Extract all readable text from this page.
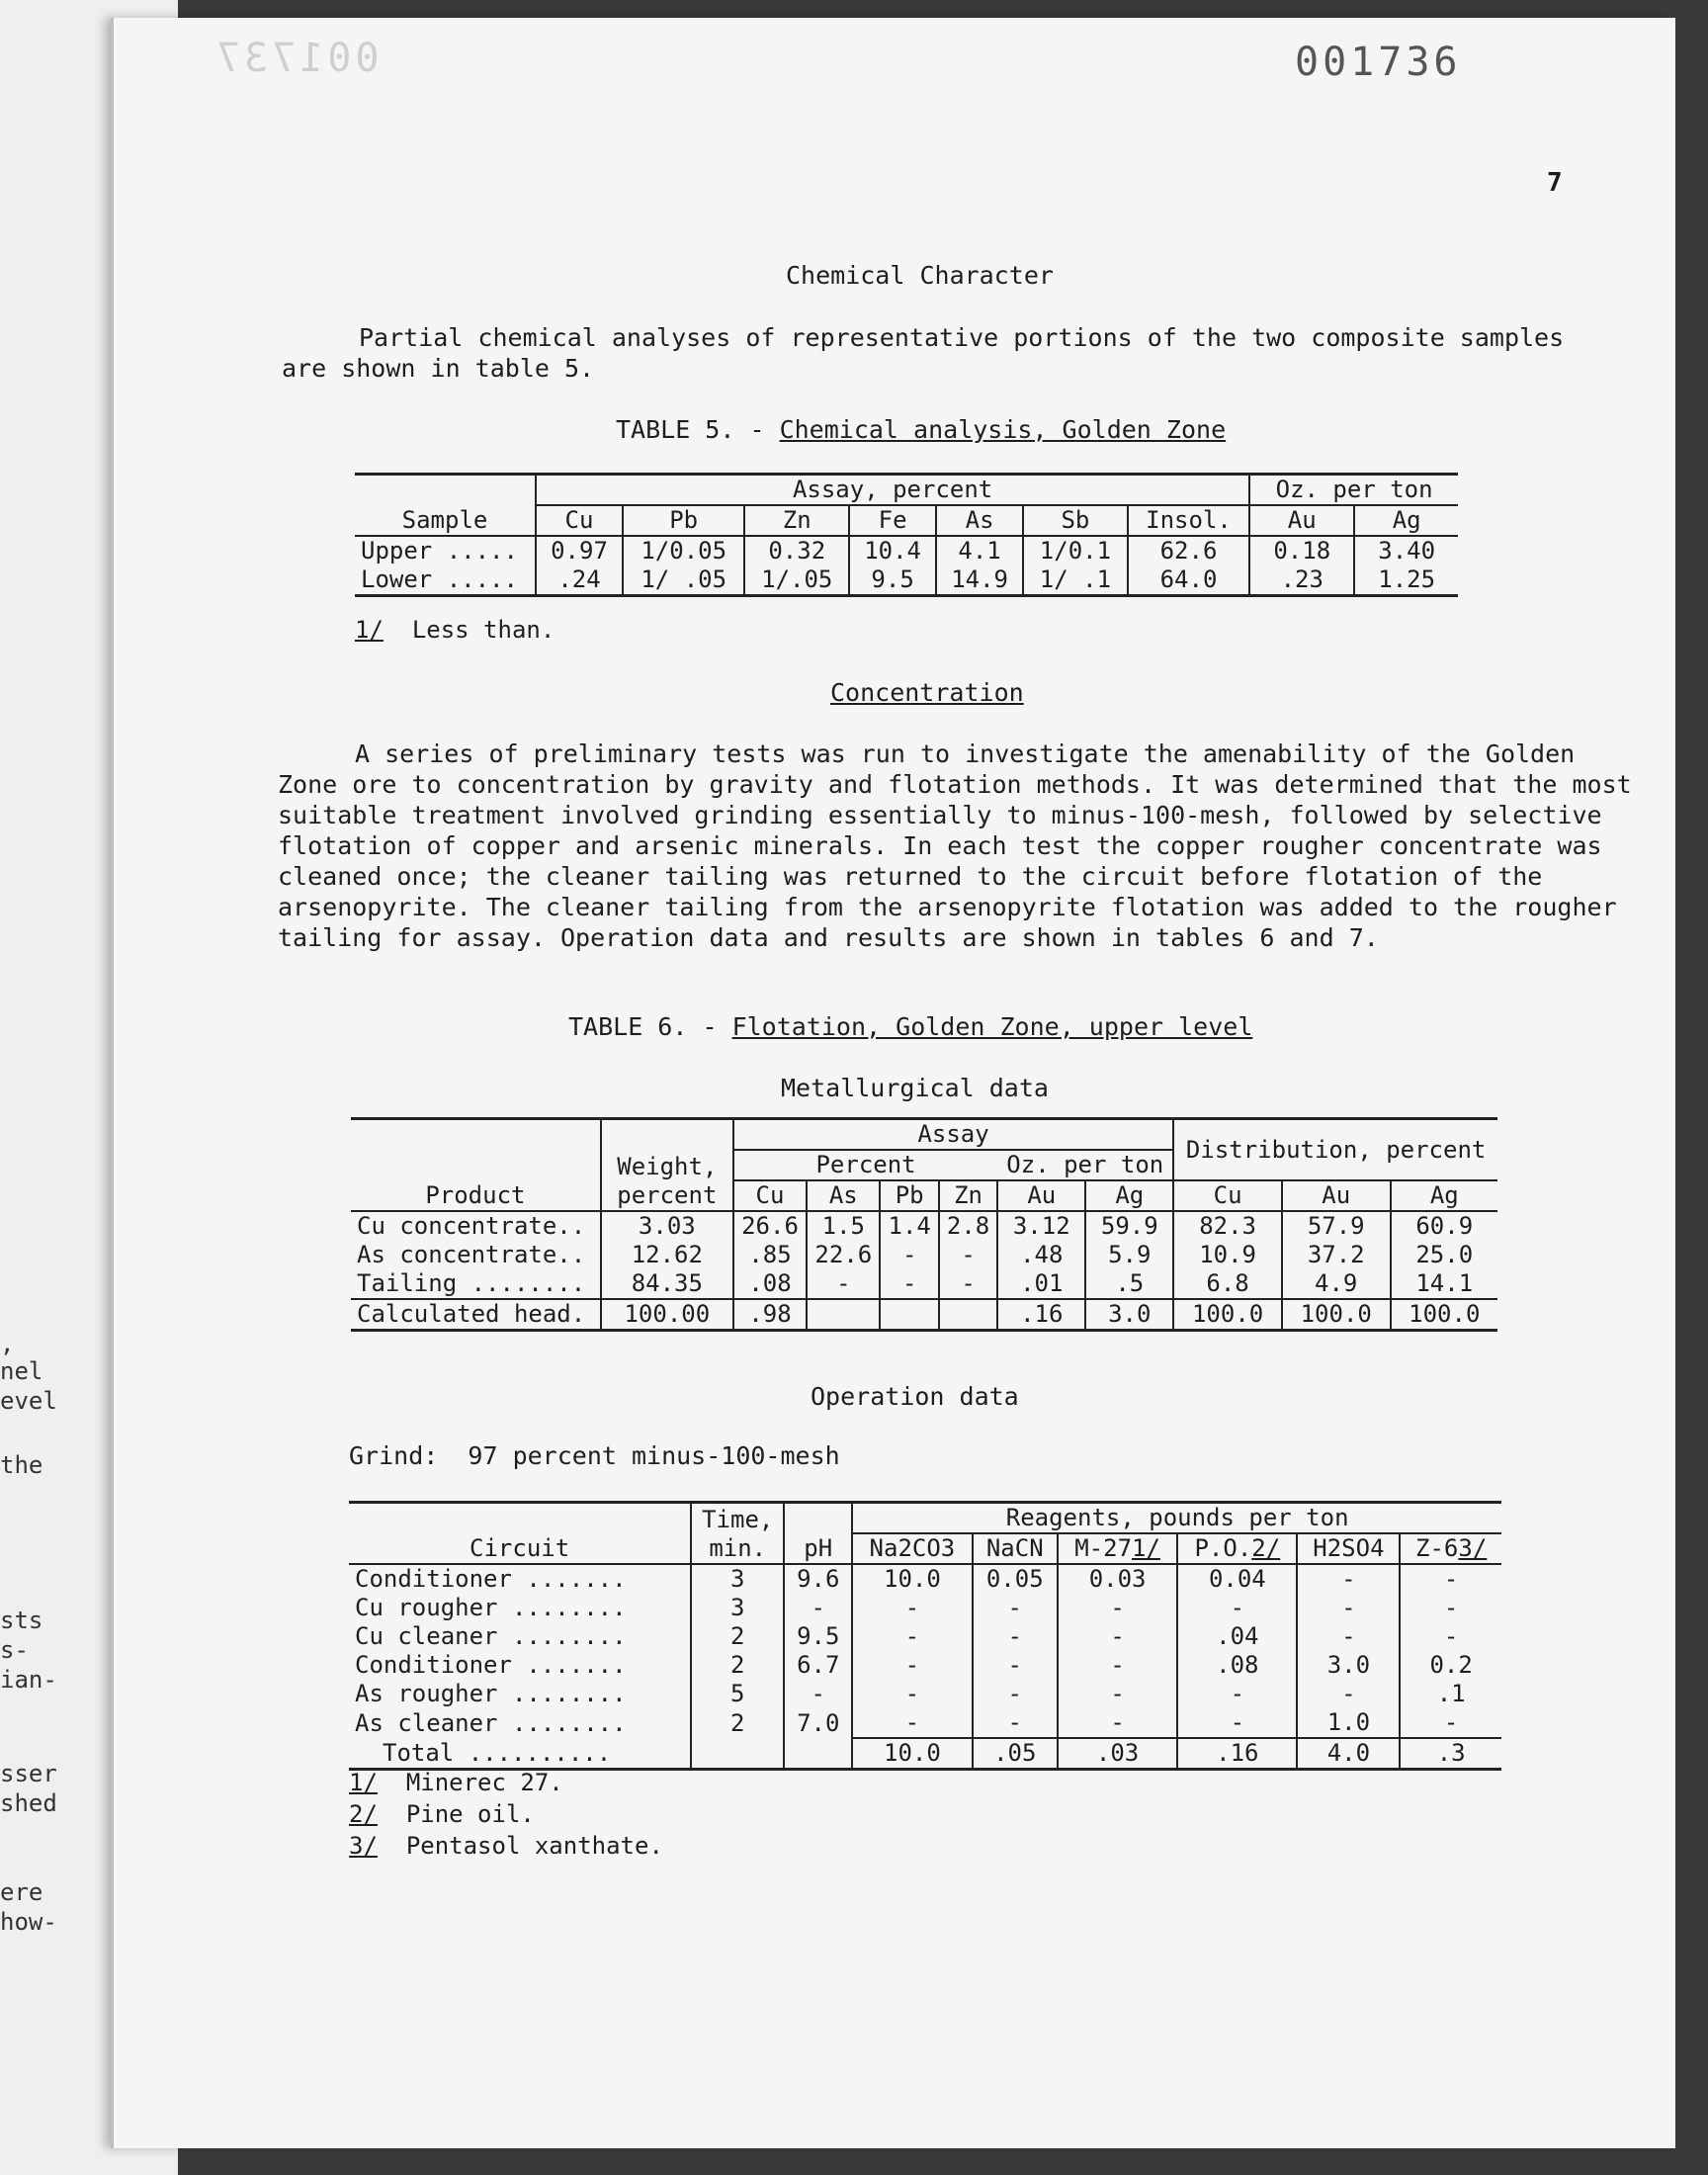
,
nel
evel
the
sts
s-
ian-
sser
shed
ere
how-
001737	001736
7
Chemical Character
Partial chemical analyses of representative portions of the two composite samples are shown in table 5.
TABLE 5. - Chemical analysis, Golden Zone
Sample	Assay, percent							Oz. per ton	
	Cu	Pb	Zn	Fe	As	Sb	Insol.	Au	Ag
Upper .....	0.97	1/0.05	0.32	10.4	4.1	1/0.1	62.6	0.18	3.40
Lower .....	.24	1/ .05	1/.05	9.5	14.9	1/ .1	64.0	.23	1.25
1/ Less than.
Concentration
A series of preliminary tests was run to investigate the amenability of the Golden Zone ore to concentration by gravity and flotation methods. It was determined that the most suitable treatment involved grinding essentially to minus-100-mesh, followed by selective flotation of copper and arsenic minerals. In each test the copper rougher concentrate was cleaned once; the cleaner tailing was returned to the circuit before flotation of the arsenopyrite. The cleaner tailing from the arsenopyrite flotation was added to the rougher tailing for assay. Operation data and results are shown in tables 6 and 7.
TABLE 6. - Flotation, Golden Zone, upper level
Metallurgical data
Product	Weight, percent	Assay						Distribution, percent		
		Percent				Oz. per ton				
		Cu	As	Pb	Zn	Au	Ag	Cu	Au	Ag
Cu concentrate..	3.03	26.6	1.5	1.4	2.8	3.12	59.9	82.3	57.9	60.9
As concentrate..	12.62	.85	22.6	-	-	.48	5.9	10.9	37.2	25.0
Tailing ........	84.35	.08	-	-	-	.01	.5	6.8	4.9	14.1
Calculated head.	100.00	.98				.16	3.0	100.0	100.0	100.0
Operation data
Grind:  97 percent minus-100-mesh
Circuit	Time, min.	pH	Reagents, pounds per ton					
			Na2CO3	NaCN	M-271/	P.O.2/	H2SO4	Z-63/
Conditioner .......	3	9.6	10.0	0.05	0.03	0.04	-	-
Cu rougher ........	3	-	-	-	-	-	-	-
Cu cleaner ........	2	9.5	-	-	-	.04	-	-
Conditioner .......	2	6.7	-	-	-	.08	3.0	0.2
As rougher ........	5	-	-	-	-	-	-	.1
As cleaner ........	2	7.0	-	-	-	-	1.0	-
Total ..........			10.0	.05	.03	.16	4.0	.3
1/ Minerec 27.
2/ Pine oil.
3/ Pentasol xanthate.
